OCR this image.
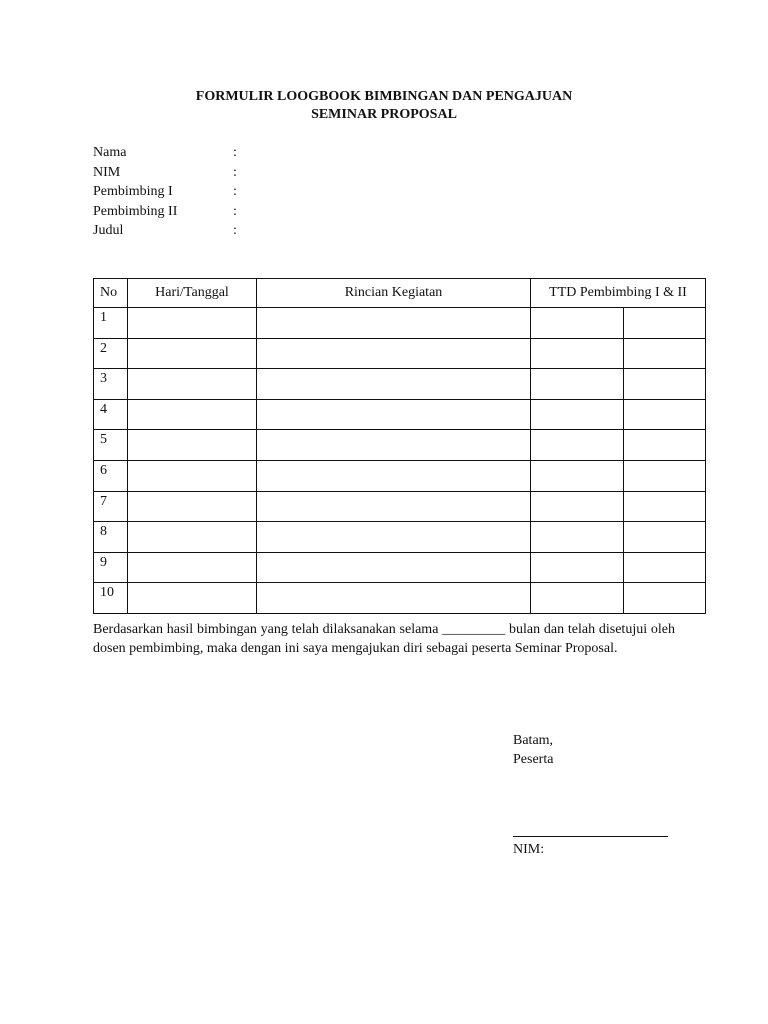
FORMULIR LOOGBOOK BIMBINGAN DAN PENGAJUAN
SEMINAR PROPOSAL
Nama	:
NIM	:
Pembimbing I	:
Pembimbing II	:
Judul	:
No	Hari/Tanggal	Rincian Kegiatan	TTD Pembimbing I & II	
1				
2				
3				
4				
5				
6				
7				
8				
9				
10				
Berdasarkan hasil bimbingan yang telah dilaksanakan selama _________ bulan dan telah disetujui oleh dosen pembimbing, maka dengan ini saya mengajukan diri sebagai peserta Seminar Proposal.
Batam,
Peserta
NIM:
